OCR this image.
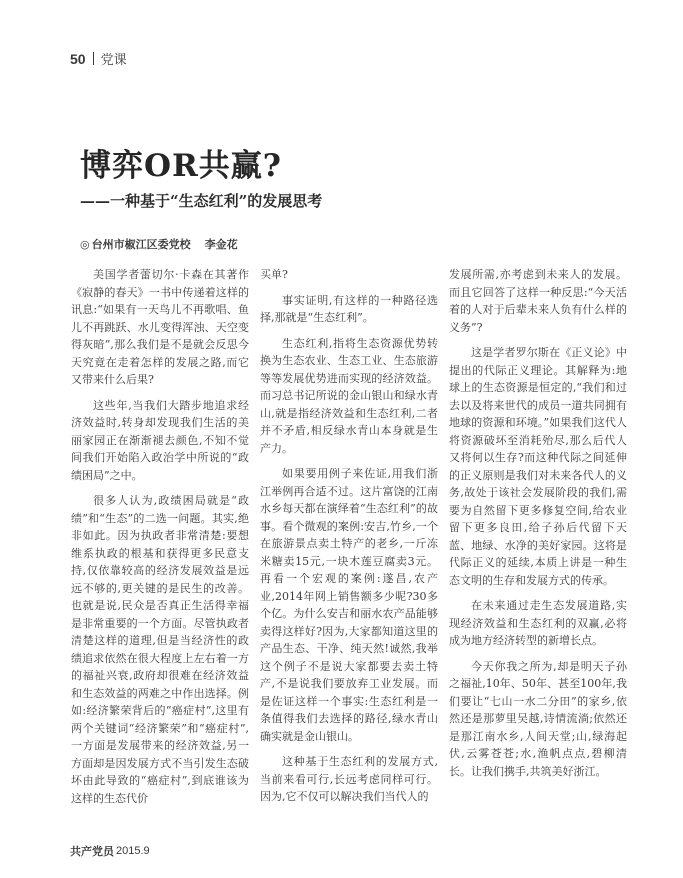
50 党课
博弈OR共赢?
——一种基于“生态红利”的发展思考
◎ 台州市椒江区委党校 李金花

美国学者蕾切尔·卡森在其著作《寂静的春天》一书中传递着这样的讯息:“如果有一天鸟儿不再歌唱、鱼儿不再跳跃、水儿变得浑浊、天空变得灰暗”,那么我们是不是就会反思今天究竟在走着怎样的发展之路,而它又带来什么后果?

这些年,当我们大踏步地追求经济效益时,转身却发现我们生活的美丽家园正在渐渐褪去颜色,不知不觉间我们开始陷入政治学中所说的“政绩困局”之中。

很多人认为,政绩困局就是“政绩”和“生态”的二选一问题。其实,绝非如此。因为执政者非常清楚:要想维系执政的根基和获得更多民意支持,仅依靠较高的经济发展效益是远远不够的,更关键的是民生的改善。也就是说,民众是否真正生活得幸福是非常重要的一个方面。尽管执政者清楚这样的道理,但是当经济性的政绩追求依然在很大程度上左右着一方的福祉兴衰,政府却很难在经济效益和生态效益的两难之中作出选择。例如:经济繁荣背后的“癌症村”,这里有两个关键词“经济繁荣”和“癌症村”,一方面是发展带来的经济效益,另一方面却是因发展方式不当引发生态破坏由此导致的“癌症村”,到底谁该为这样的生态代价

买单?

事实证明,有这样的一种路径选择,那就是“生态红利”。

生态红利,指将生态资源优势转换为生态农业、生态工业、生态旅游等等发展优势进而实现的经济效益。而习总书记所说的金山银山和绿水青山,就是指经济效益和生态红利,二者并不矛盾,相反绿水青山本身就是生产力。

如果要用例子来佐证,用我们浙江举例再合适不过。这片富饶的江南水乡每天都在演绎着“生态红利”的故事。看个微观的案例:安吉,竹乡,一个在旅游景点卖土特产的老乡,一斤冻米糖卖15元,一块木莲豆腐卖3元。再看一个宏观的案例:遂昌,农产业,2014年网上销售额多少呢?30多个亿。为什么安吉和丽水农产品能够卖得这样好?因为,大家都知道这里的产品生态、干净、纯天然!诚然,我举这个例子不是说大家都要去卖土特产,不是说我们要放弃工业发展。而是佐证这样一个事实:生态红利是一条值得我们去选择的路径,绿水青山确实就是金山银山。

这种基于生态红利的发展方式,当前来看可行,长远考虑同样可行。因为,它不仅可以解决我们当代人的

发展所需,亦考虑到未来人的发展。而且它回答了这样一种反思:“今天活着的人对于后辈未来人负有什么样的义务”?

这是学者罗尔斯在《正义论》中提出的代际正义理论。其解释为:地球上的生态资源是恒定的,“我们和过去以及将来世代的成员一道共同拥有地球的资源和环境。”如果我们这代人将资源破坏至消耗殆尽,那么后代人又将何以生存?而这种代际之间延伸的正义原则是我们对未来各代人的义务,故处于该社会发展阶段的我们,需要为自然留下更多修复空间,给农业留下更多良田,给子孙后代留下天蓝、地绿、水净的美好家园。这将是代际正义的延续,本质上讲是一种生态文明的生存和发展方式的传承。

在未来通过走生态发展道路,实现经济效益和生态红利的双赢,必将成为地方经济转型的新增长点。

今天你我之所为,却是明天子孙之福祉,10年、50年、甚至100年,我们要让“七山一水二分田”的家乡,依然还是那萝里吴越,诗情流淌;依然还是那江南水乡,人间天堂;山,绿海起伏,云雾苍苍;水,渔帆点点,碧柳清长。让我们携手,共筑美好浙江。

共产党员 2015.9
